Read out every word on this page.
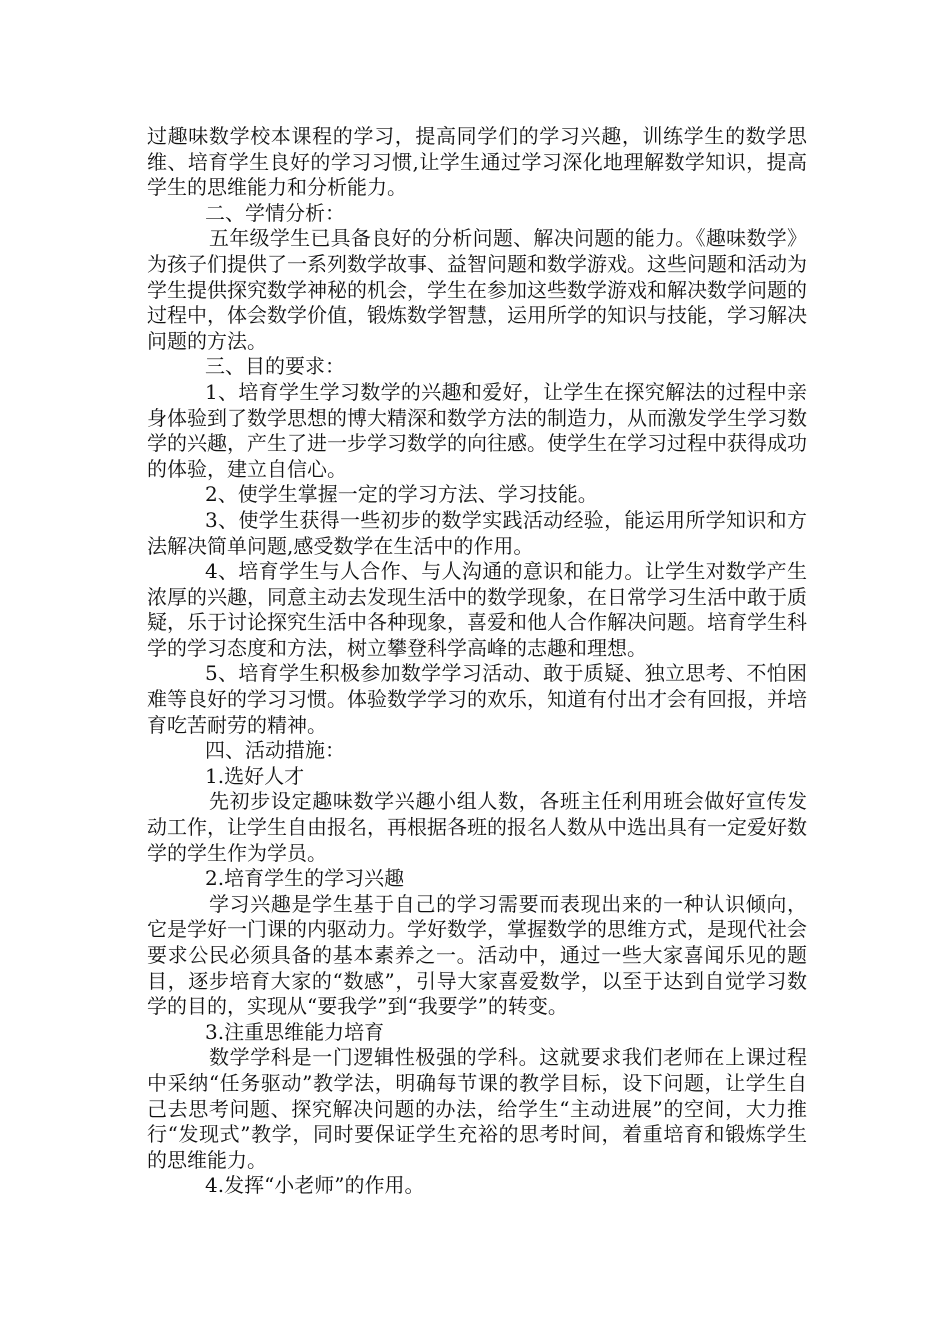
过趣味数学校本课程的学习，提高同学们的学习兴趣，训练学生的数学思维、培育学生良好的学习习惯,让学生通过学习深化地理解数学知识，提高学生的思维能力和分析能力。

二、学情分析：

五年级学生已具备良好的分析问题、解决问题的能力。《趣味数学》为孩子们提供了一系列数学故事、益智问题和数学游戏。这些问题和活动为学生提供探究数学神秘的机会，学生在参加这些数学游戏和解决数学问题的过程中，体会数学价值，锻炼数学智慧，运用所学的知识与技能，学习解决问题的方法。

三、目的要求：

1、培育学生学习数学的兴趣和爱好，让学生在探究解法的过程中亲身体验到了数学思想的博大精深和数学方法的制造力，从而激发学生学习数学的兴趣，产生了进一步学习数学的向往感。使学生在学习过程中获得成功的体验，建立自信心。

2、使学生掌握一定的学习方法、学习技能。

3、使学生获得一些初步的数学实践活动经验，能运用所学知识和方法解决简单问题,感受数学在生活中的作用。

4、培育学生与人合作、与人沟通的意识和能力。让学生对数学产生浓厚的兴趣，同意主动去发现生活中的数学现象，在日常学习生活中敢于质疑，乐于讨论探究生活中各种现象，喜爱和他人合作解决问题。培育学生科学的学习态度和方法，树立攀登科学高峰的志趣和理想。

5、培育学生积极参加数学学习活动、敢于质疑、独立思考、不怕困难等良好的学习习惯。体验数学学习的欢乐，知道有付出才会有回报，并培育吃苦耐劳的精神。

四、活动措施：

1.选好人才

先初步设定趣味数学兴趣小组人数，各班主任利用班会做好宣传发动工作，让学生自由报名，再根据各班的报名人数从中选出具有一定爱好数学的学生作为学员。

2.培育学生的学习兴趣

学习兴趣是学生基于自己的学习需要而表现出来的一种认识倾向，它是学好一门课的内驱动力。学好数学，掌握数学的思维方式，是现代社会要求公民必须具备的基本素养之一。活动中，通过一些大家喜闻乐见的题目，逐步培育大家的“数感”，引导大家喜爱数学，以至于达到自觉学习数学的目的，实现从“要我学”到“我要学”的转变。

3.注重思维能力培育

数学学科是一门逻辑性极强的学科。这就要求我们老师在上课过程中采纳“任务驱动”教学法，明确每节课的教学目标，设下问题，让学生自己去思考问题、探究解决问题的办法，给学生“主动进展”的空间，大力推行“发现式”教学，同时要保证学生充裕的思考时间，着重培育和锻炼学生的思维能力。

4.发挥“小老师”的作用。
